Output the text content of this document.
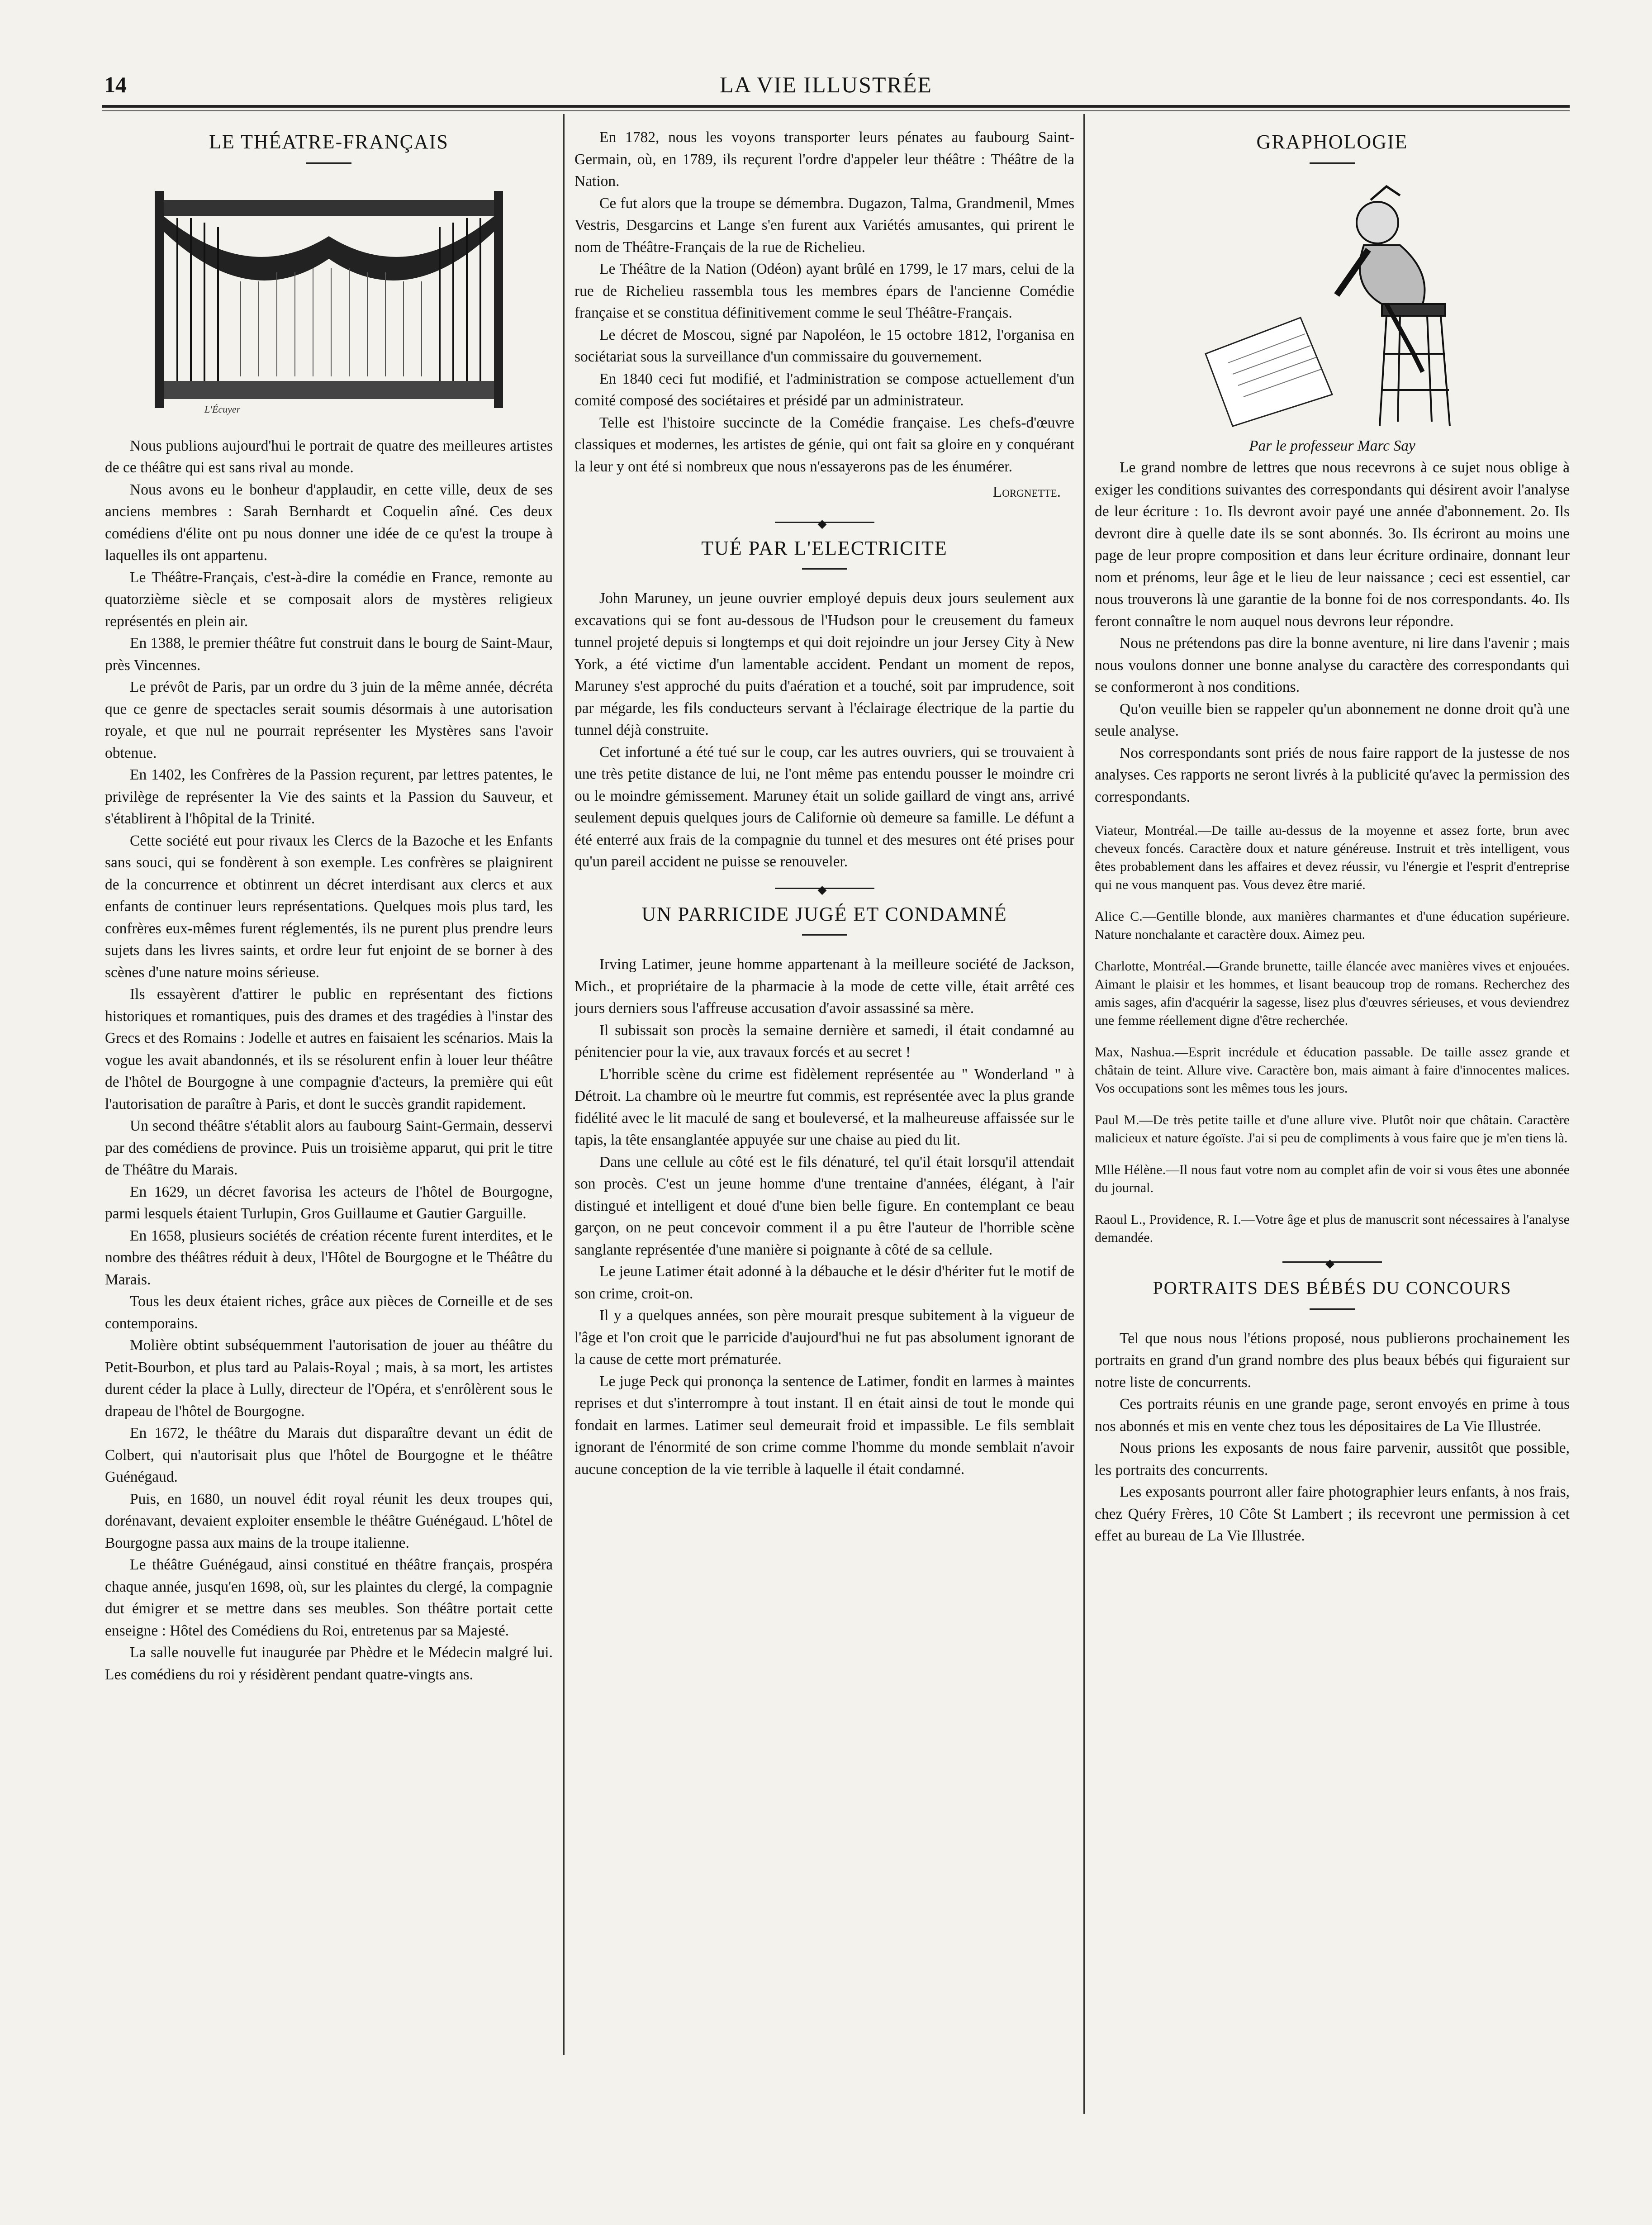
14	LA VIE ILLUSTRÉE
LE THÉATRE-FRANÇAIS
L'Écuyer

Nous publions aujourd'hui le portrait de quatre des meilleures artistes de ce théâtre qui est sans rival au monde.

Nous avons eu le bonheur d'applaudir, en cette ville, deux de ses anciens membres : Sarah Bernhardt et Coquelin aîné. Ces deux comédiens d'élite ont pu nous donner une idée de ce qu'est la troupe à laquelles ils ont appartenu.

Le Théâtre-Français, c'est-à-dire la comédie en France, remonte au quatorzième siècle et se composait alors de mystères religieux représentés en plein air.

En 1388, le premier théâtre fut construit dans le bourg de Saint-Maur, près Vincennes.

Le prévôt de Paris, par un ordre du 3 juin de la même année, décréta que ce genre de spectacles serait soumis désormais à une autorisation royale, et que nul ne pourrait représenter les Mystères sans l'avoir obtenue.

En 1402, les Confrères de la Passion reçurent, par lettres patentes, le privilège de représenter la Vie des saints et la Passion du Sauveur, et s'établirent à l'hôpital de la Trinité.

Cette société eut pour rivaux les Clercs de la Bazoche et les Enfants sans souci, qui se fondèrent à son exemple. Les confrères se plaignirent de la concurrence et obtinrent un décret interdisant aux clercs et aux enfants de continuer leurs représentations. Quelques mois plus tard, les confrères eux-mêmes furent réglementés, ils ne purent plus prendre leurs sujets dans les livres saints, et ordre leur fut enjoint de se borner à des scènes d'une nature moins sérieuse.

Ils essayèrent d'attirer le public en représentant des fictions historiques et romantiques, puis des drames et des tragédies à l'instar des Grecs et des Romains : Jodelle et autres en faisaient les scénarios. Mais la vogue les avait abandonnés, et ils se résolurent enfin à louer leur théâtre de l'hôtel de Bourgogne à une compagnie d'acteurs, la première qui eût l'autorisation de paraître à Paris, et dont le succès grandit rapidement.

Un second théâtre s'établit alors au faubourg Saint-Germain, desservi par des comédiens de province. Puis un troisième apparut, qui prit le titre de Théâtre du Marais.

En 1629, un décret favorisa les acteurs de l'hôtel de Bourgogne, parmi lesquels étaient Turlupin, Gros Guillaume et Gautier Garguille.

En 1658, plusieurs sociétés de création récente furent interdites, et le nombre des théâtres réduit à deux, l'Hôtel de Bourgogne et le Théâtre du Marais.

Tous les deux étaient riches, grâce aux pièces de Corneille et de ses contemporains.

Molière obtint subséquemment l'autorisation de jouer au théâtre du Petit-Bourbon, et plus tard au Palais-Royal ; mais, à sa mort, les artistes durent céder la place à Lully, directeur de l'Opéra, et s'enrôlèrent sous le drapeau de l'hôtel de Bourgogne.

En 1672, le théâtre du Marais dut disparaître devant un édit de Colbert, qui n'autorisait plus que l'hôtel de Bourgogne et le théâtre Guénégaud.

Puis, en 1680, un nouvel édit royal réunit les deux troupes qui, dorénavant, devaient exploiter ensemble le théâtre Guénégaud. L'hôtel de Bourgogne passa aux mains de la troupe italienne.

Le théâtre Guénégaud, ainsi constitué en théâtre français, prospéra chaque année, jusqu'en 1698, où, sur les plaintes du clergé, la compagnie dut émigrer et se mettre dans ses meubles. Son théâtre portait cette enseigne : Hôtel des Comédiens du Roi, entretenus par sa Majesté.

La salle nouvelle fut inaugurée par Phèdre et le Médecin malgré lui. Les comédiens du roi y résidèrent pendant quatre-vingts ans.

En 1782, nous les voyons transporter leurs pénates au faubourg Saint-Germain, où, en 1789, ils reçurent l'ordre d'appeler leur théâtre : Théâtre de la Nation.

Ce fut alors que la troupe se démembra. Dugazon, Talma, Grandmenil, Mmes Vestris, Desgarcins et Lange s'en furent aux Variétés amusantes, qui prirent le nom de Théâtre-Français de la rue de Richelieu.

Le Théâtre de la Nation (Odéon) ayant brûlé en 1799, le 17 mars, celui de la rue de Richelieu rassembla tous les membres épars de l'ancienne Comédie française et se constitua définitivement comme le seul Théâtre-Français.

Le décret de Moscou, signé par Napoléon, le 15 octobre 1812, l'organisa en sociétariat sous la surveillance d'un commissaire du gouvernement.

En 1840 ceci fut modifié, et l'administration se compose actuellement d'un comité composé des sociétaires et présidé par un administrateur.

Telle est l'histoire succincte de la Comédie française. Les chefs-d'œuvre classiques et modernes, les artistes de génie, qui ont fait sa gloire en y conquérant la leur y ont été si nombreux que nous n'essayerons pas de les énumérer.

Lorgnette.

◆
TUÉ PAR L'ELECTRICITE

John Maruney, un jeune ouvrier employé depuis deux jours seulement aux excavations qui se font au-dessous de l'Hudson pour le creusement du fameux tunnel projeté depuis si longtemps et qui doit rejoindre un jour Jersey City à New York, a été victime d'un lamentable accident. Pendant un moment de repos, Maruney s'est approché du puits d'aération et a touché, soit par imprudence, soit par mégarde, les fils conducteurs servant à l'éclairage électrique de la partie du tunnel déjà construite.

Cet infortuné a été tué sur le coup, car les autres ouvriers, qui se trouvaient à une très petite distance de lui, ne l'ont même pas entendu pousser le moindre cri ou le moindre gémissement. Maruney était un solide gaillard de vingt ans, arrivé seulement depuis quelques jours de Californie où demeure sa famille. Le défunt a été enterré aux frais de la compagnie du tunnel et des mesures ont été prises pour qu'un pareil accident ne puisse se renouveler.

◆
UN PARRICIDE JUGÉ ET CONDAMNÉ

Irving Latimer, jeune homme appartenant à la meilleure société de Jackson, Mich., et propriétaire de la pharmacie à la mode de cette ville, était arrêté ces jours derniers sous l'affreuse accusation d'avoir assassiné sa mère.

Il subissait son procès la semaine dernière et samedi, il était condamné au pénitencier pour la vie, aux travaux forcés et au secret !

L'horrible scène du crime est fidèlement représentée au " Wonderland " à Détroit. La chambre où le meurtre fut commis, est représentée avec la plus grande fidélité avec le lit maculé de sang et bouleversé, et la malheureuse affaissée sur le tapis, la tête ensanglantée appuyée sur une chaise au pied du lit.

Dans une cellule au côté est le fils dénaturé, tel qu'il était lorsqu'il attendait son procès. C'est un jeune homme d'une trentaine d'années, élégant, à l'air distingué et intelligent et doué d'une bien belle figure. En contemplant ce beau garçon, on ne peut concevoir comment il a pu être l'auteur de l'horrible scène sanglante représentée d'une manière si poignante à côté de sa cellule.

Le jeune Latimer était adonné à la débauche et le désir d'hériter fut le motif de son crime, croit-on.

Il y a quelques années, son père mourait presque subitement à la vigueur de l'âge et l'on croit que le parricide d'aujourd'hui ne fut pas absolument ignorant de la cause de cette mort prématurée.

Le juge Peck qui prononça la sentence de Latimer, fondit en larmes à maintes reprises et dut s'interrompre à tout instant. Il en était ainsi de tout le monde qui fondait en larmes. Latimer seul demeurait froid et impassible. Le fils semblait ignorant de l'énormité de son crime comme l'homme du monde semblait n'avoir aucune conception de la vie terrible à laquelle il était condamné.

GRAPHOLOGIE

Par le professeur Marc Say

Le grand nombre de lettres que nous recevrons à ce sujet nous oblige à exiger les conditions suivantes des correspondants qui désirent avoir l'analyse de leur écriture : 1o. Ils devront avoir payé une année d'abonnement. 2o. Ils devront dire à quelle date ils se sont abonnés. 3o. Ils écriront au moins une page de leur propre composition et dans leur écriture ordinaire, donnant leur nom et prénoms, leur âge et le lieu de leur naissance ; ceci est essentiel, car nous trouverons là une garantie de la bonne foi de nos correspondants. 4o. Ils feront connaître le nom auquel nous devrons leur répondre.

Nous ne prétendons pas dire la bonne aventure, ni lire dans l'avenir ; mais nous voulons donner une bonne analyse du caractère des correspondants qui se conformeront à nos conditions.

Qu'on veuille bien se rappeler qu'un abonnement ne donne droit qu'à une seule analyse.

Nos correspondants sont priés de nous faire rapport de la justesse de nos analyses. Ces rapports ne seront livrés à la publicité qu'avec la permission des correspondants.

Viateur, Montréal.—De taille au-dessus de la moyenne et assez forte, brun avec cheveux foncés. Caractère doux et nature généreuse. Instruit et très intelligent, vous êtes probablement dans les affaires et devez réussir, vu l'énergie et l'esprit d'entreprise qui ne vous manquent pas. Vous devez être marié.

Alice C.—Gentille blonde, aux manières charmantes et d'une éducation supérieure. Nature nonchalante et caractère doux. Aimez peu.

Charlotte, Montréal.—Grande brunette, taille élancée avec manières vives et enjouées. Aimant le plaisir et les hommes, et lisant beaucoup trop de romans. Recherchez des amis sages, afin d'acquérir la sagesse, lisez plus d'œuvres sérieuses, et vous deviendrez une femme réellement digne d'être recherchée.

Max, Nashua.—Esprit incrédule et éducation passable. De taille assez grande et châtain de teint. Allure vive. Caractère bon, mais aimant à faire d'innocentes malices. Vos occupations sont les mêmes tous les jours.

Paul M.—De très petite taille et d'une allure vive. Plutôt noir que châtain. Caractère malicieux et nature égoïste. J'ai si peu de compliments à vous faire que je m'en tiens là.

Mlle Hélène.—Il nous faut votre nom au complet afin de voir si vous êtes une abonnée du journal.

Raoul L., Providence, R. I.—Votre âge et plus de manuscrit sont nécessaires à l'analyse demandée.

◆
PORTRAITS DES BÉBÉS DU CONCOURS

Tel que nous nous l'étions proposé, nous publierons prochainement les portraits en grand d'un grand nombre des plus beaux bébés qui figuraient sur notre liste de concurrents.

Ces portraits réunis en une grande page, seront envoyés en prime à tous nos abonnés et mis en vente chez tous les dépositaires de La Vie Illustrée.

Nous prions les exposants de nous faire parvenir, aussitôt que possible, les portraits des concurrents.

Les exposants pourront aller faire photographier leurs enfants, à nos frais, chez Quéry Frères, 10 Côte St Lambert ; ils recevront une permission à cet effet au bureau de La Vie Illustrée.
